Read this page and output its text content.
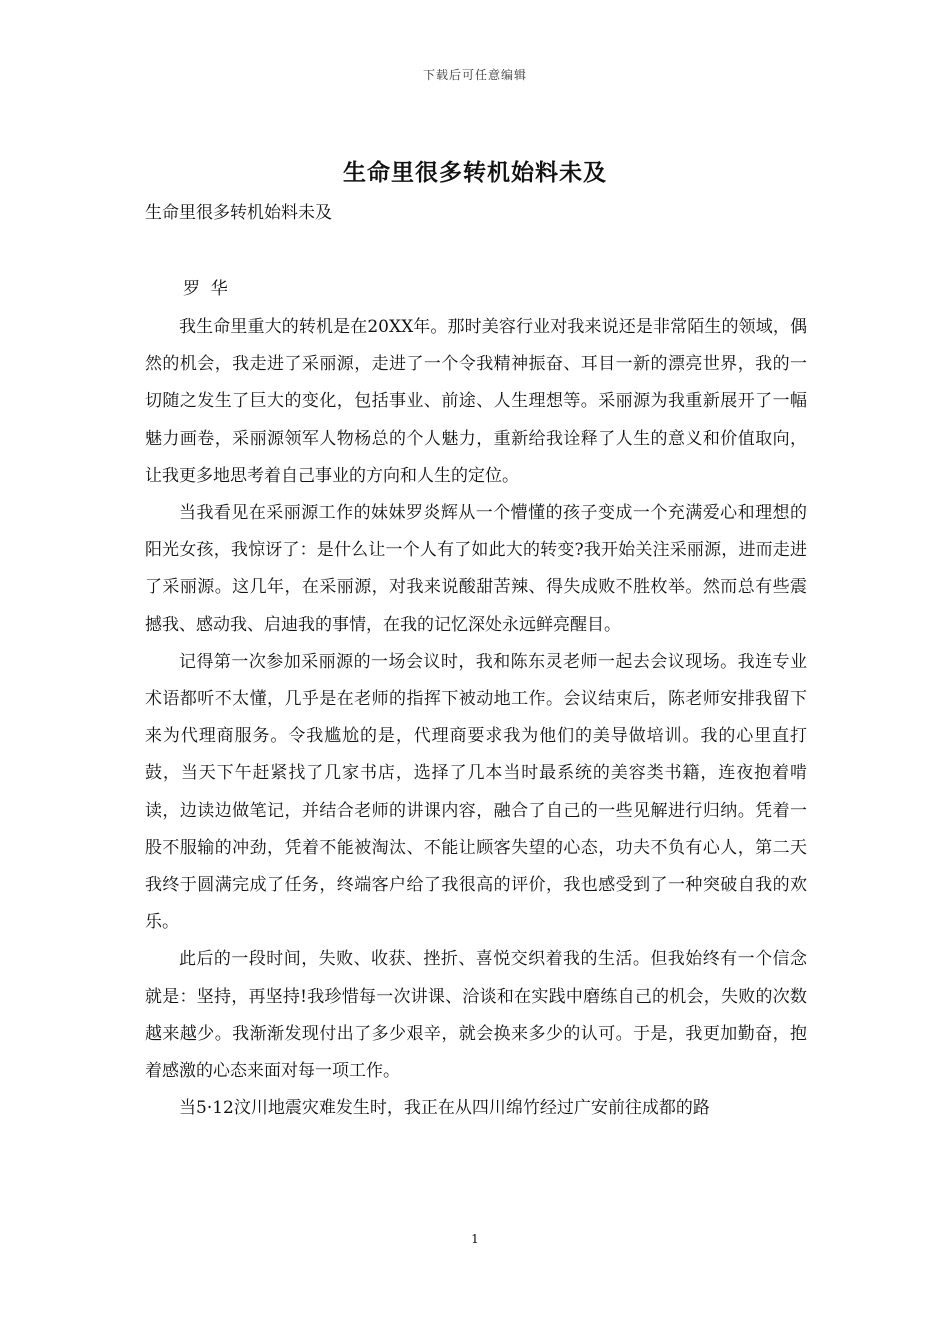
下载后可任意编辑
生命里很多转机始料未及
生命里很多转机始料未及
罗  华

我生命里重大的转机是在20XX年。那时美容行业对我来说还是非常陌生的领域，偶然的机会，我走进了采丽源，走进了一个令我精神振奋、耳目一新的漂亮世界，我的一切随之发生了巨大的变化，包括事业、前途、人生理想等。采丽源为我重新展开了一幅魅力画卷，采丽源领军人物杨总的个人魅力，重新给我诠释了人生的意义和价值取向，让我更多地思考着自己事业的方向和人生的定位。

当我看见在采丽源工作的妹妹罗炎辉从一个懵懂的孩子变成一个充满爱心和理想的阳光女孩，我惊讶了：是什么让一个人有了如此大的转变?我开始关注采丽源，进而走进了采丽源。这几年，在采丽源，对我来说酸甜苦辣、得失成败不胜枚举。然而总有些震撼我、感动我、启迪我的事情，在我的记忆深处永远鲜亮醒目。

记得第一次参加采丽源的一场会议时，我和陈东灵老师一起去会议现场。我连专业术语都听不太懂，几乎是在老师的指挥下被动地工作。会议结束后，陈老师安排我留下来为代理商服务。令我尴尬的是，代理商要求我为他们的美导做培训。我的心里直打鼓，当天下午赶紧找了几家书店，选择了几本当时最系统的美容类书籍，连夜抱着啃读，边读边做笔记，并结合老师的讲课内容，融合了自己的一些见解进行归纳。凭着一股不服输的冲劲，凭着不能被淘汰、不能让顾客失望的心态，功夫不负有心人，第二天我终于圆满完成了任务，终端客户给了我很高的评价，我也感受到了一种突破自我的欢乐。

此后的一段时间，失败、收获、挫折、喜悦交织着我的生活。但我始终有一个信念就是：坚持，再坚持!我珍惜每一次讲课、洽谈和在实践中磨练自己的机会，失败的次数越来越少。我渐渐发现付出了多少艰辛，就会换来多少的认可。于是，我更加勤奋，抱着感激的心态来面对每一项工作。

当5·12汶川地震灾难发生时，我正在从四川绵竹经过广安前往成都的路

1
